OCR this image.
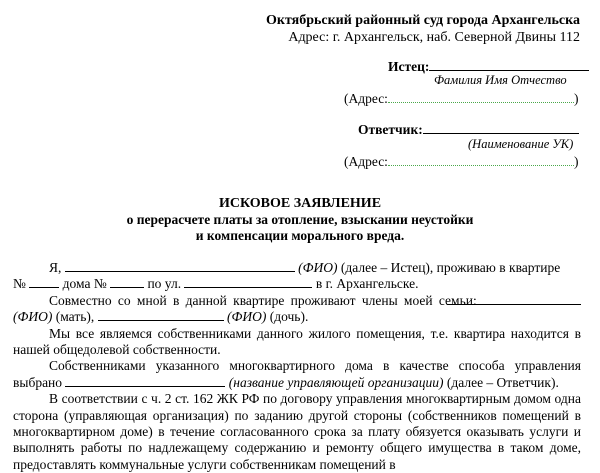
Октябрьский районный суд города Архангельска
Адрес: г. Архангельск, наб. Северной Двины 112
Истец:
Фамилия Имя Отчество
(Адрес:	)
Ответчик:
(Наименование УК)
(Адрес:	)
ИСКОВОЕ ЗАЯВЛЕНИЕ
о перерасчете платы за отопление, взыскании неустойки
и компенсации морального вреда.

Я,	(ФИО) (далее – Истец), проживаю в квартире

№	дома №	по ул.	в г. Архангельске.

Совместно со мной в данной квартире проживают члены моей семьи:  (ФИО) (мать),	(ФИО) (дочь).

Мы все являемся собственниками данного жилого помещения, т.е. квартира находится в нашей общедолевой собственности.

Собственниками указанного многоквартирного дома в качестве способа управления выбрано	(название управляющей организации) (далее – Ответчик).

В соответствии с ч. 2 ст. 162 ЖК РФ по договору управления многоквартирным домом одна сторона (управляющая организация) по заданию другой стороны (собственников помещений в многоквартирном доме) в течение согласованного срока за плату обязуется оказывать услуги и выполнять работы по надлежащему содержанию и ремонту общего имущества в таком доме, предоставлять коммунальные услуги собственникам помещений в
